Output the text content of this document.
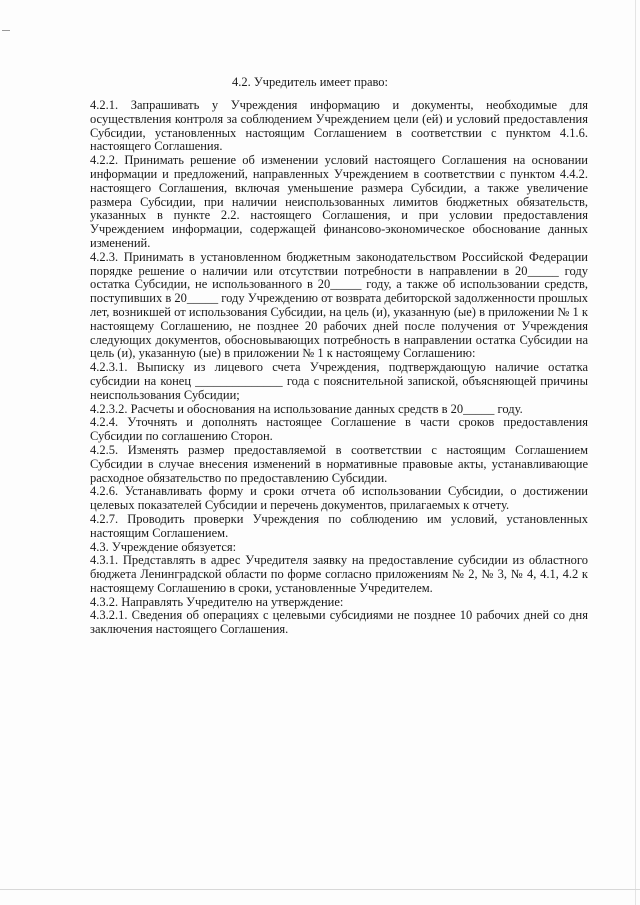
4.2. Учредитель имеет право:

4.2.1. Запрашивать у Учреждения информацию и документы, необходимые для осуществления контроля за соблюдением Учреждением цели (ей) и условий предоставления Субсидии, установленных настоящим Соглашением в соответствии с пунктом 4.1.6. настоящего Соглашения.

4.2.2. Принимать решение об изменении условий настоящего Соглашения на основании информации и предложений, направленных Учреждением в соответствии с пунктом 4.4.2. настоящего Соглашения, включая уменьшение размера Субсидии, а также увеличение размера Субсидии, при наличии неиспользованных лимитов бюджетных обязательств, указанных в пункте 2.2. настоящего Соглашения, и при условии предоставления Учреждением информации, содержащей финансово-экономическое обоснование данных изменений.

4.2.3. Принимать в установленном бюджетным законодательством Российской Федерации порядке решение о наличии или отсутствии потребности в направлении в 20_____ году остатка Субсидии, не использованного в 20_____ году, а также об использовании средств, поступивших в 20_____ году Учреждению от возврата дебиторской задолженности прошлых лет, возникшей от использования Субсидии, на цель (и), указанную (ые) в приложении № 1 к настоящему Соглашению, не позднее 20 рабочих дней после получения от Учреждения следующих документов, обосновывающих потребность в направлении остатка Субсидии на цель (и), указанную (ые) в приложении № 1 к настоящему Соглашению:

4.2.3.1. Выписку из лицевого счета Учреждения, подтверждающую наличие остатка субсидии на конец ______________ года с пояснительной запиской, объясняющей причины неиспользования Субсидии;

4.2.3.2. Расчеты и обоснования на использование данных средств в 20_____ году.

4.2.4. Уточнять и дополнять настоящее Соглашение в части сроков предоставления Субсидии по соглашению Сторон.

4.2.5. Изменять размер предоставляемой в соответствии с настоящим Соглашением Субсидии в случае внесения изменений в нормативные правовые акты, устанавливающие расходное обязательство по предоставлению Субсидии.

4.2.6. Устанавливать форму и сроки отчета об использовании Субсидии, о достижении целевых показателей Субсидии и перечень документов, прилагаемых к отчету.

4.2.7. Проводить проверки Учреждения по соблюдению им условий, установленных настоящим Соглашением.

4.3. Учреждение обязуется:

4.3.1. Представлять в адрес Учредителя заявку на предоставление субсидии из областного бюджета Ленинградской области по форме согласно приложениям № 2, № 3, № 4, 4.1, 4.2 к настоящему Соглашению в сроки, установленные Учредителем.

4.3.2. Направлять Учредителю на утверждение:

4.3.2.1. Сведения об операциях с целевыми субсидиями не позднее 10 рабочих дней со дня заключения настоящего Соглашения.
